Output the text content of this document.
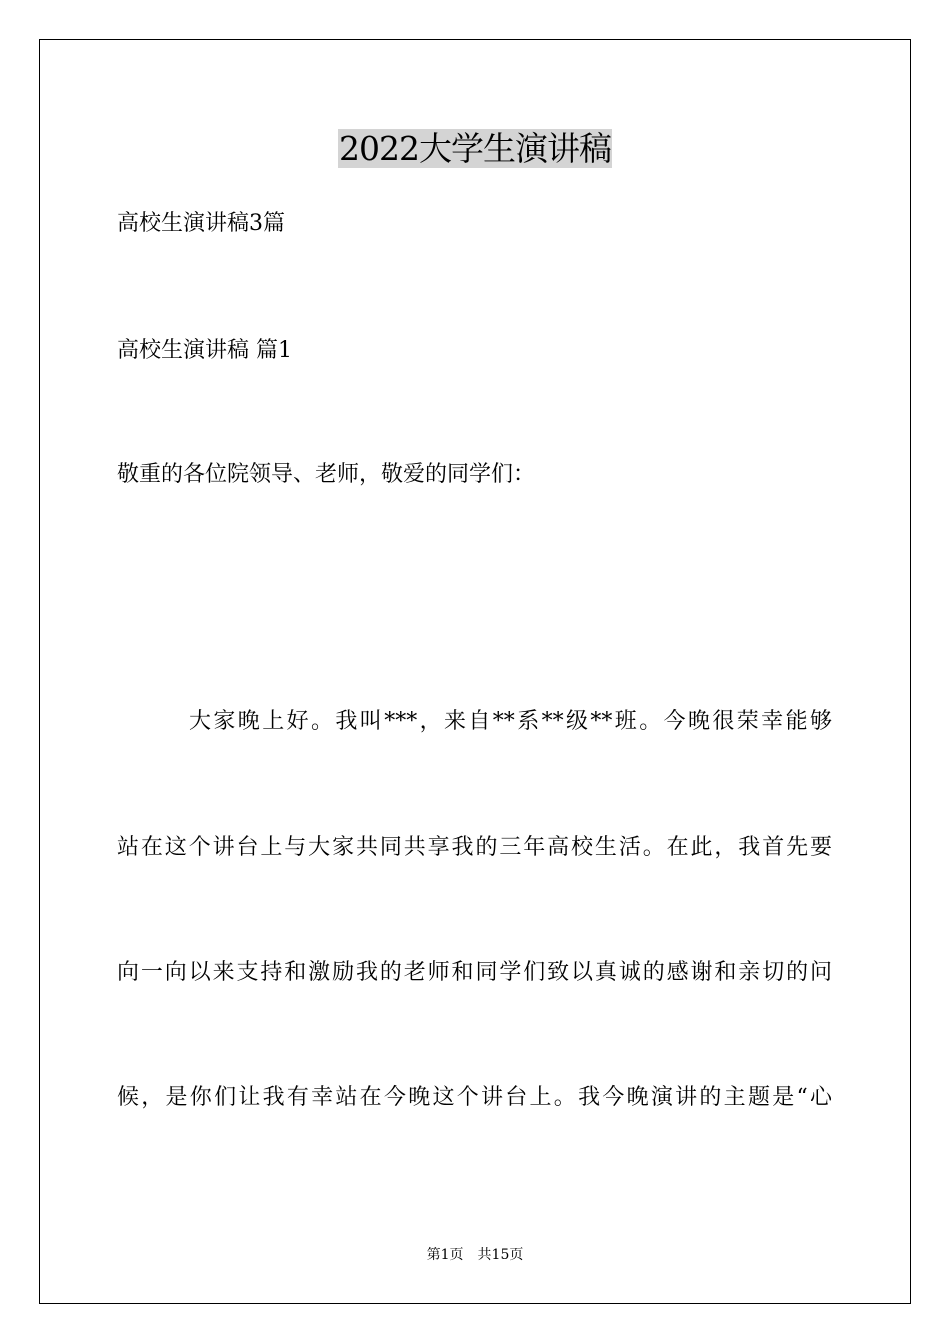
2022大学生演讲稿
高校生演讲稿3篇
高校生演讲稿 篇1
敬重的各位院领导、老师，敬爱的同学们：
大家晚上好。我叫***，来自**系**级**班。今晚很荣幸能够
站在这个讲台上与大家共同共享我的三年高校生活。在此，我首先要
向一向以来支持和激励我的老师和同学们致以真诚的感谢和亲切的问
候，是你们让我有幸站在今晚这个讲台上。我今晚演讲的主题是“心
第1页　共15页
